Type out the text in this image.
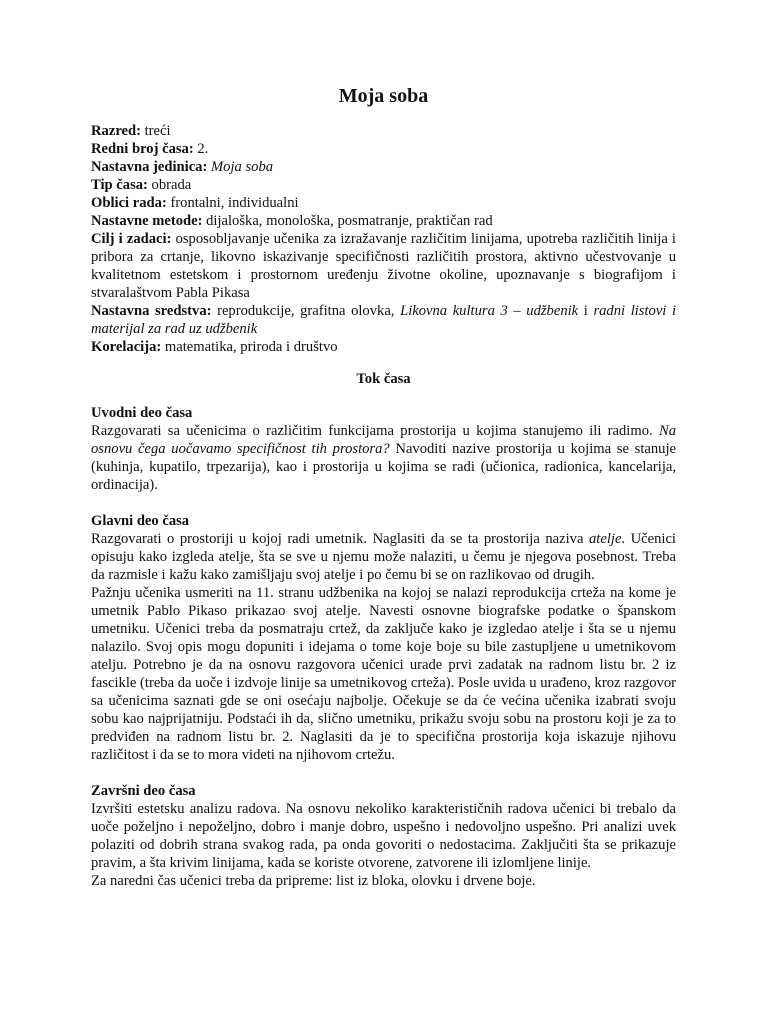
Moja soba

Razred: treći

Redni broj časa: 2.

Nastavna jedinica: Moja soba

Tip časa: obrada

Oblici rada: frontalni, individualni

Nastavne metode: dijaloška, monološka, posmatranje, praktičan rad

Cilj i zadaci: osposobljavanje učenika za izražavanje različitim linijama, upotreba različitih linija i pribora za crtanje, likovno iskazivanje specifičnosti različitih prostora, aktivno učestvovanje u kvalitetnom estetskom i prostornom uređenju životne okoline, upoznavanje s biografijom i stvaralaštvom Pabla Pikasa

Nastavna sredstva: reprodukcije, grafitna olovka, Likovna kultura 3 – udžbenik i radni listovi i materijal za rad uz udžbenik

Korelacija: matematika, priroda i društvo

Tok časa
Uvodni deo časa

Razgovarati sa učenicima o različitim funkcijama prostorija u kojima stanujemo ili radimo. Na osnovu čega uočavamo specifičnost tih prostora? Navoditi nazive prostorija u kojima se stanuje (kuhinja, kupatilo, trpezarija), kao i prostorija u kojima se radi (učionica, radionica, kancelarija, ordinacija).

Glavni deo časa

Razgovarati o prostoriji u kojoj radi umetnik. Naglasiti da se ta prostorija naziva atelje. Učenici opisuju kako izgleda atelje, šta se sve u njemu može nalaziti, u čemu je njegova posebnost. Treba da razmisle i kažu kako zamišljaju svoj atelje i po čemu bi se on razlikovao od drugih.

Pažnju učenika usmeriti na 11. stranu udžbenika na kojoj se nalazi reprodukcija crteža na kome je umetnik Pablo Pikaso prikazao svoj atelje. Navesti osnovne biografske podatke o španskom umetniku. Učenici treba da posmatraju crtež, da zaključe kako je izgledao atelje i šta se u njemu nalazilo. Svoj opis mogu dopuniti i idejama o tome koje boje su bile zastupljene u umetnikovom atelju. Potrebno je da na osnovu razgovora učenici urade prvi zadatak na radnom listu br. 2 iz fascikle (treba da uoče i izdvoje linije sa umetnikovog crteža). Posle uvida u urađeno, kroz razgovor sa učenicima saznati gde se oni osećaju najbolje. Očekuje se da će većina učenika izabrati svoju sobu kao najprijatniju. Podstaći ih da, slično umetniku, prikažu svoju sobu na prostoru koji je za to predviđen na radnom listu br. 2. Naglasiti da je to specifična prostorija koja iskazuje njihovu različitost i da se to mora videti na njihovom crtežu.

Završni deo časa

Izvršiti estetsku analizu radova. Na osnovu nekoliko karakterističnih radova učenici bi trebalo da uoče poželjno i nepoželjno, dobro i manje dobro, uspešno i nedovoljno uspešno. Pri analizi uvek polaziti od dobrih strana svakog rada, pa onda govoriti o nedostacima. Zaključiti šta se prikazuje pravim, a šta krivim linijama, kada se koriste otvorene, zatvorene ili izlomljene linije.

Za naredni čas učenici treba da pripreme: list iz bloka, olovku i drvene boje.
